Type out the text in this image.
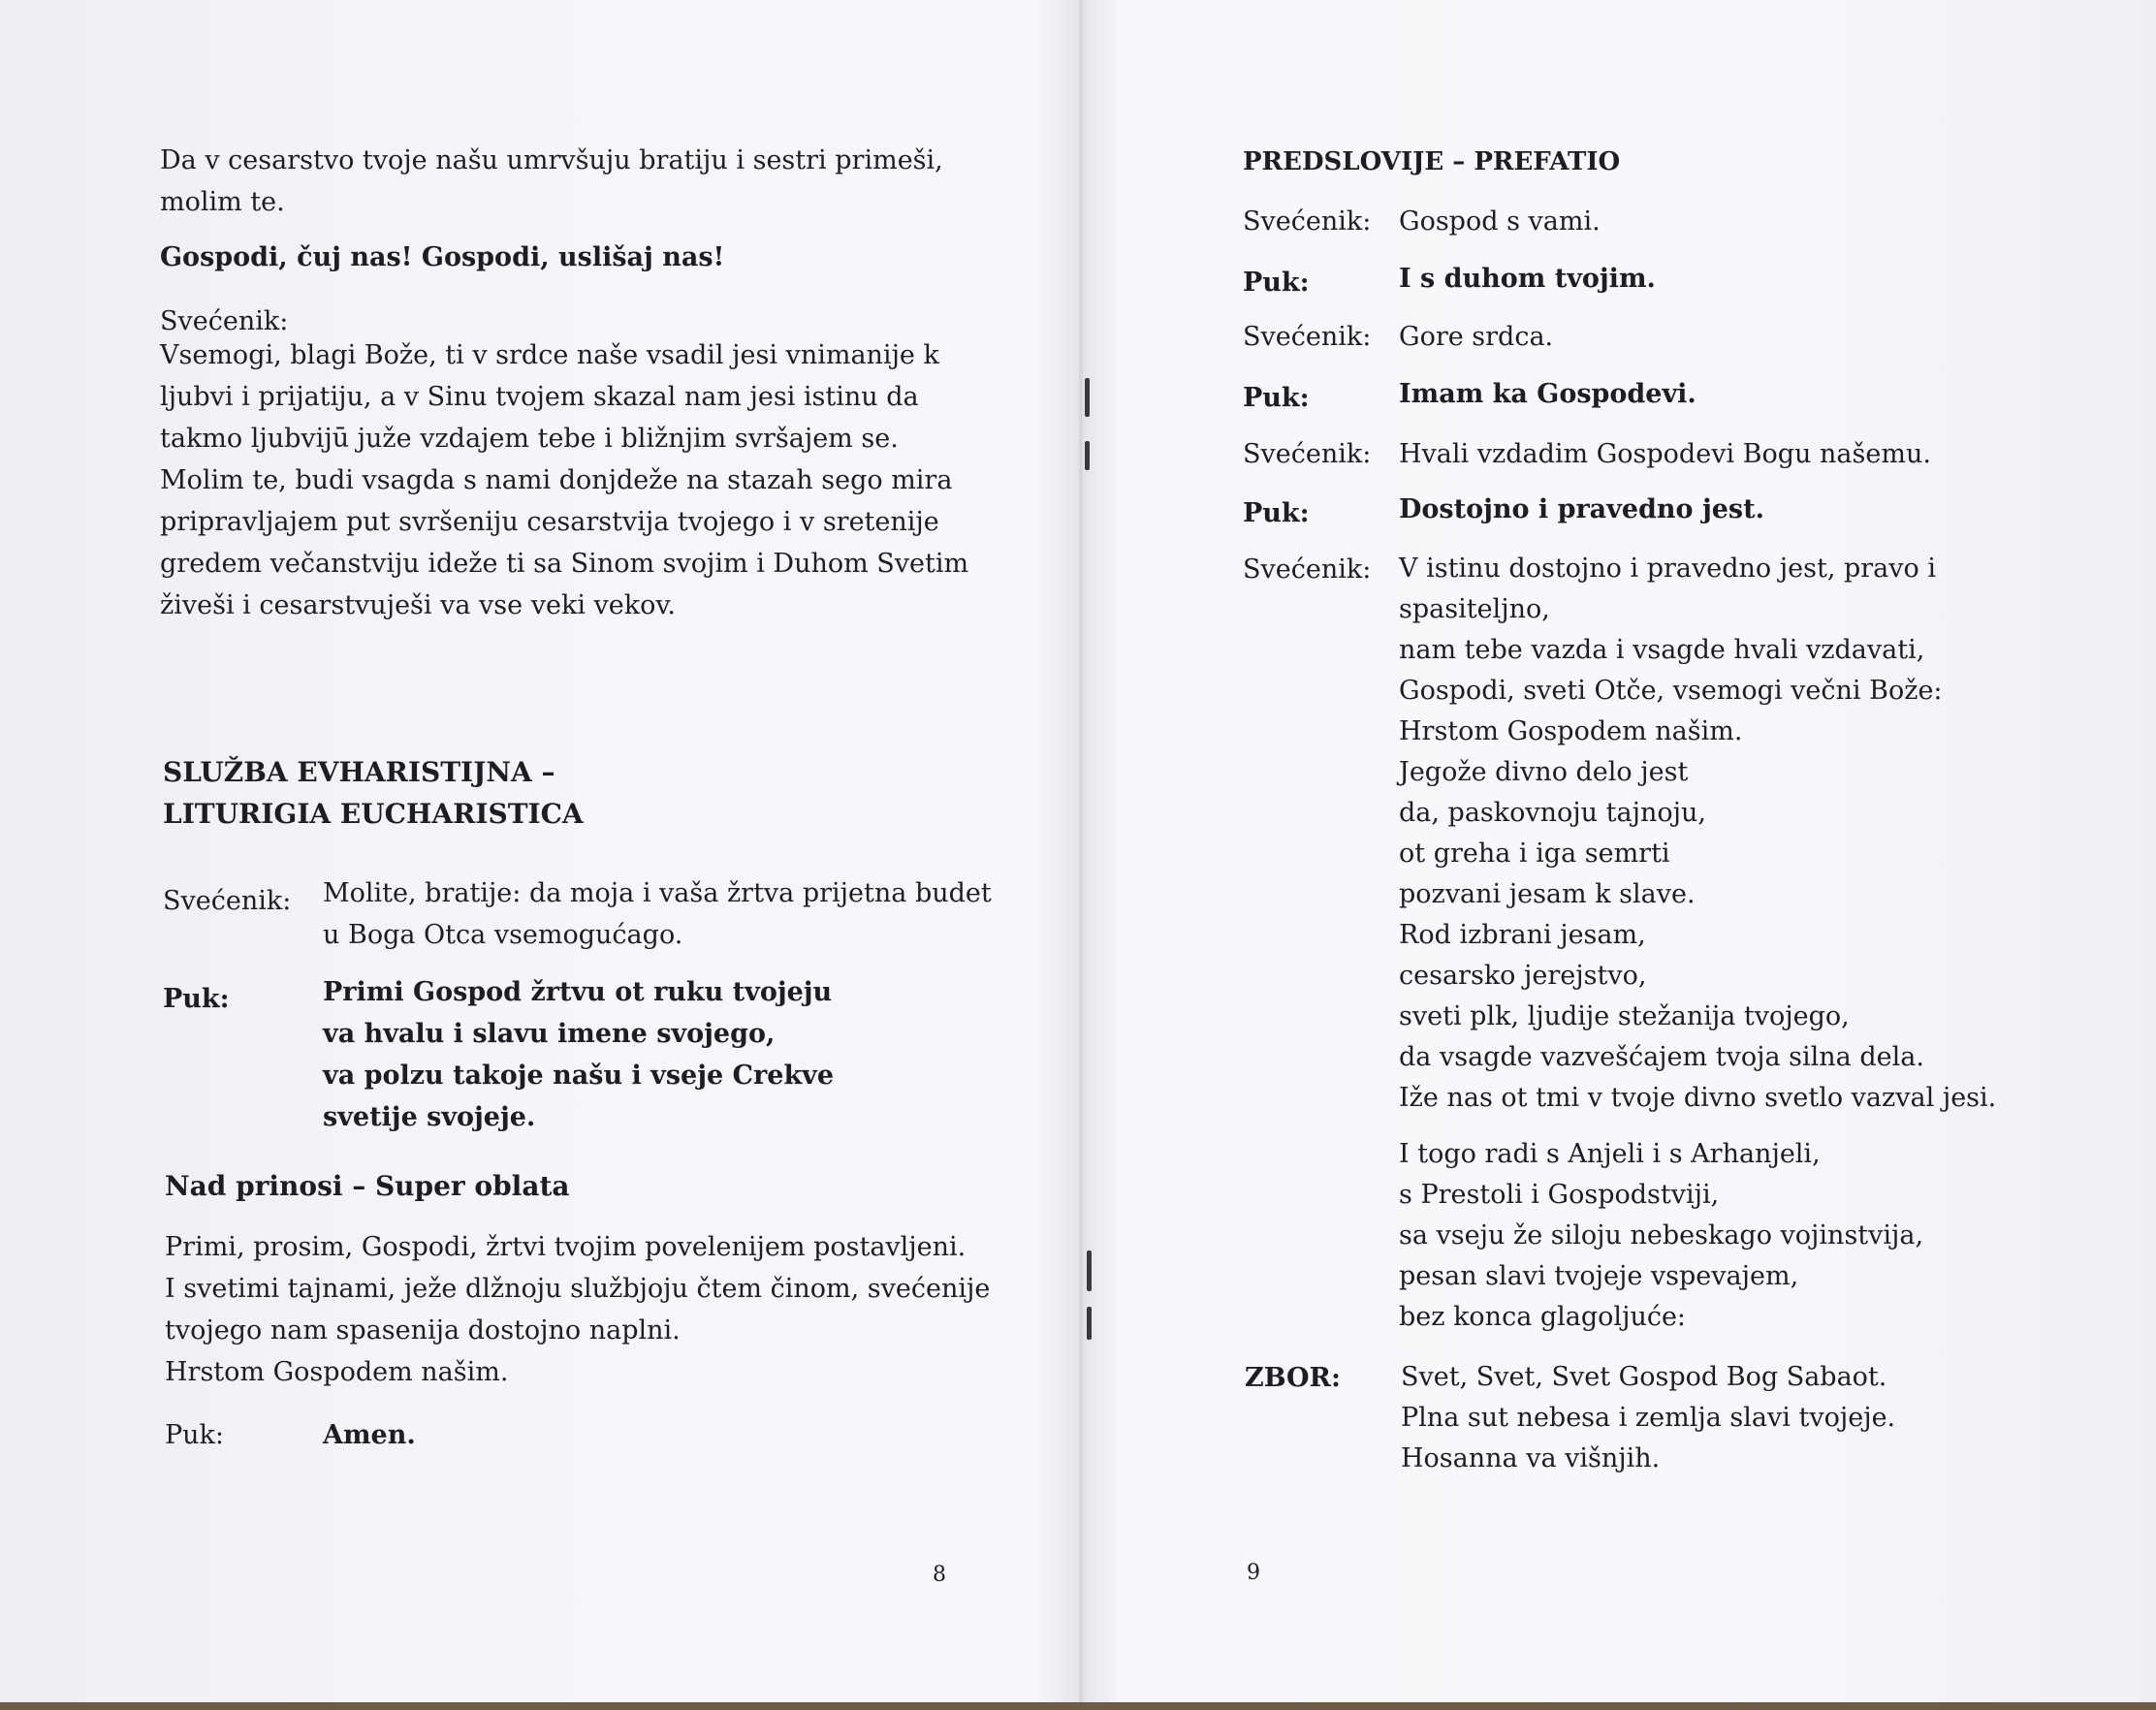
Da v cesarstvo tvoje našu umrvšuju bratiju i sestri primeši,

molim te.

Gospodi, čuj nas! Gospodi, uslišaj nas!
Svećenik:

Vsemogi, blagi Bože, ti v srdce naše vsadil jesi vnimanije k

ljubvi i prijatiju, a v Sinu tvojem skazal nam jesi istinu da

takmo ljubvijū juže vzdajem tebe i bližnjim svršajem se.

Molim te, budi vsagda s nami donjdeže na stazah sego mira

pripravljajem put svršeniju cesarstvija tvojego i v sretenije

gredem večanstviju ideže ti sa Sinom svojim i Duhom Svetim

živeši i cesarstvuješi va vse veki vekov.

SLUŽBA EVHARISTIJNA –

LITURIGIA EUCHARISTICA

Svećenik: Molite, bratije: da moja i vaša žrtva prijetna budet

u Boga Otca vsemogućago.

Puk:	Primi Gospod žrtvu ot ruku tvojeju

va hvalu i slavu imene svojego,

va polzu takoje našu i vseje Crekve

svetije svojeje.

Nad prinosi – Super oblata

Primi, prosim, Gospodi, žrtvi tvojim povelenijem postavljeni.

I svetimi tajnami, ježe dlžnoju službjoju čtem činom, svećenije

tvojego nam spasenija dostojno naplni.

Hrstom Gospodem našim.

Puk:	Amen.
8
PREDSLOVIJE – PREFATIO
Svećenik: Gospod s vami.
Puk:	I s duhom tvojim.
Svećenik: Gore srdca.
Puk:	Imam ka Gospodevi.
Svećenik: Hvali vzdadim Gospodevi Bogu našemu.
Puk:	Dostojno i pravedno jest.
Svećenik: V istinu dostojno i pravedno jest, pravo i

spasiteljno,

nam tebe vazda i vsagde hvali vzdavati,

Gospodi, sveti Otče, vsemogi večni Bože:

Hrstom Gospodem našim.

Jegože divno delo jest

da, paskovnoju tajnoju,

ot greha i iga semrti

pozvani jesam k slave.

Rod izbrani jesam,

cesarsko jerejstvo,

sveti plk, ljudije stežanija tvojego,

da vsagde vazvešćajem tvoja silna dela.

Iže nas ot tmi v tvoje divno svetlo vazval jesi.

I togo radi s Anjeli i s Arhanjeli,

s Prestoli i Gospodstviji,

sa vseju že siloju nebeskago vojinstvija,

pesan slavi tvojeje vspevajem,

bez konca glagoljuće:

ZBOR: Svet, Svet, Svet Gospod Bog Sabaot.

Plna sut nebesa i zemlja slavi tvojeje.

Hosanna va višnjih.

9
